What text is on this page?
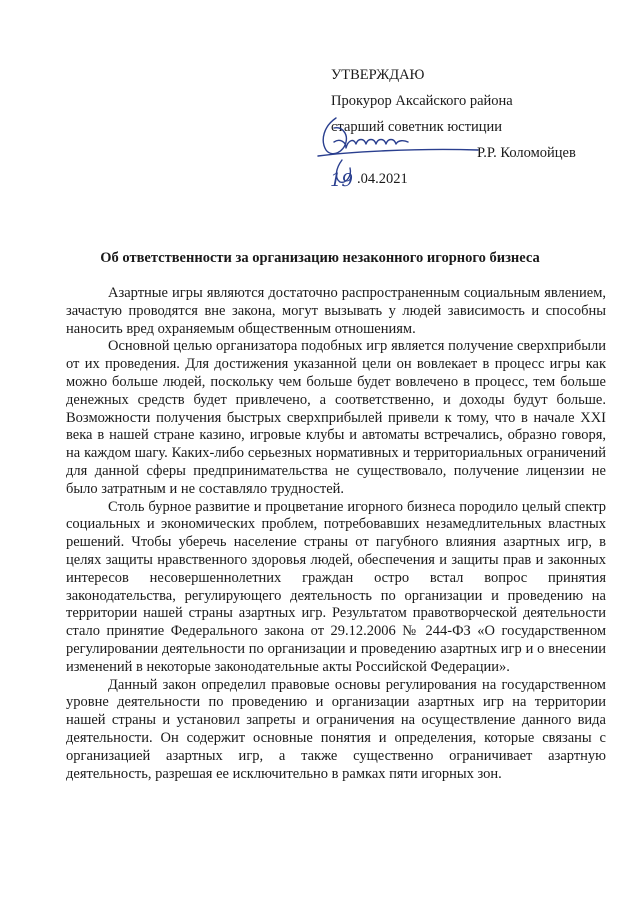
УТВЕРЖДАЮ
Прокурор Аксайского района
старший советник юстиции
Р.Р. Коломойцев
.04.2021
19
Об ответственности за организацию незаконного игорного бизнеса

Азартные игры являются достаточно распространенным социальным явлением, зачастую проводятся вне закона, могут вызывать у людей зависимость и способны наносить вред охраняемым общественным отношениям.

Основной целью организатора подобных игр является получение сверхприбыли от их проведения. Для достижения указанной цели он вовлекает в процесс игры как можно больше людей, поскольку чем больше будет вовлечено в процесс, тем больше денежных средств будет привлечено, а соответственно, и доходы будут больше. Возможности получения быстрых сверхприбылей привели к тому, что в начале XXI века в нашей стране казино, игровые клубы и автоматы встречались, образно говоря, на каждом шагу. Каких-либо серьезных нормативных и территориальных ограничений для данной сферы предпринимательства не существовало, получение лицензии не было затратным и не составляло трудностей.

Столь бурное развитие и процветание игорного бизнеса породило целый спектр социальных и экономических проблем, потребовавших незамедлительных властных решений. Чтобы уберечь население страны от пагубного влияния азартных игр, в целях защиты нравственного здоровья людей, обеспечения и защиты прав и законных интересов несовершеннолетних граждан остро встал вопрос принятия законодательства, регулирующего деятельность по организации и проведению на территории нашей страны азартных игр. Результатом правотворческой деятельности стало принятие Федерального закона от 29.12.2006 № 244-ФЗ «О государственном регулировании деятельности по организации и проведению азартных игр и о внесении изменений в некоторые законодательные акты Российской Федерации».

Данный закон определил правовые основы регулирования на государственном уровне деятельности по проведению и организации азартных игр на территории нашей страны и установил запреты и ограничения на осуществление данного вида деятельности. Он содержит основные понятия и определения, которые связаны с организацией азартных игр, а также существенно ограничивает азартную деятельность, разрешая ее исключительно в рамках пяти игорных зон.
